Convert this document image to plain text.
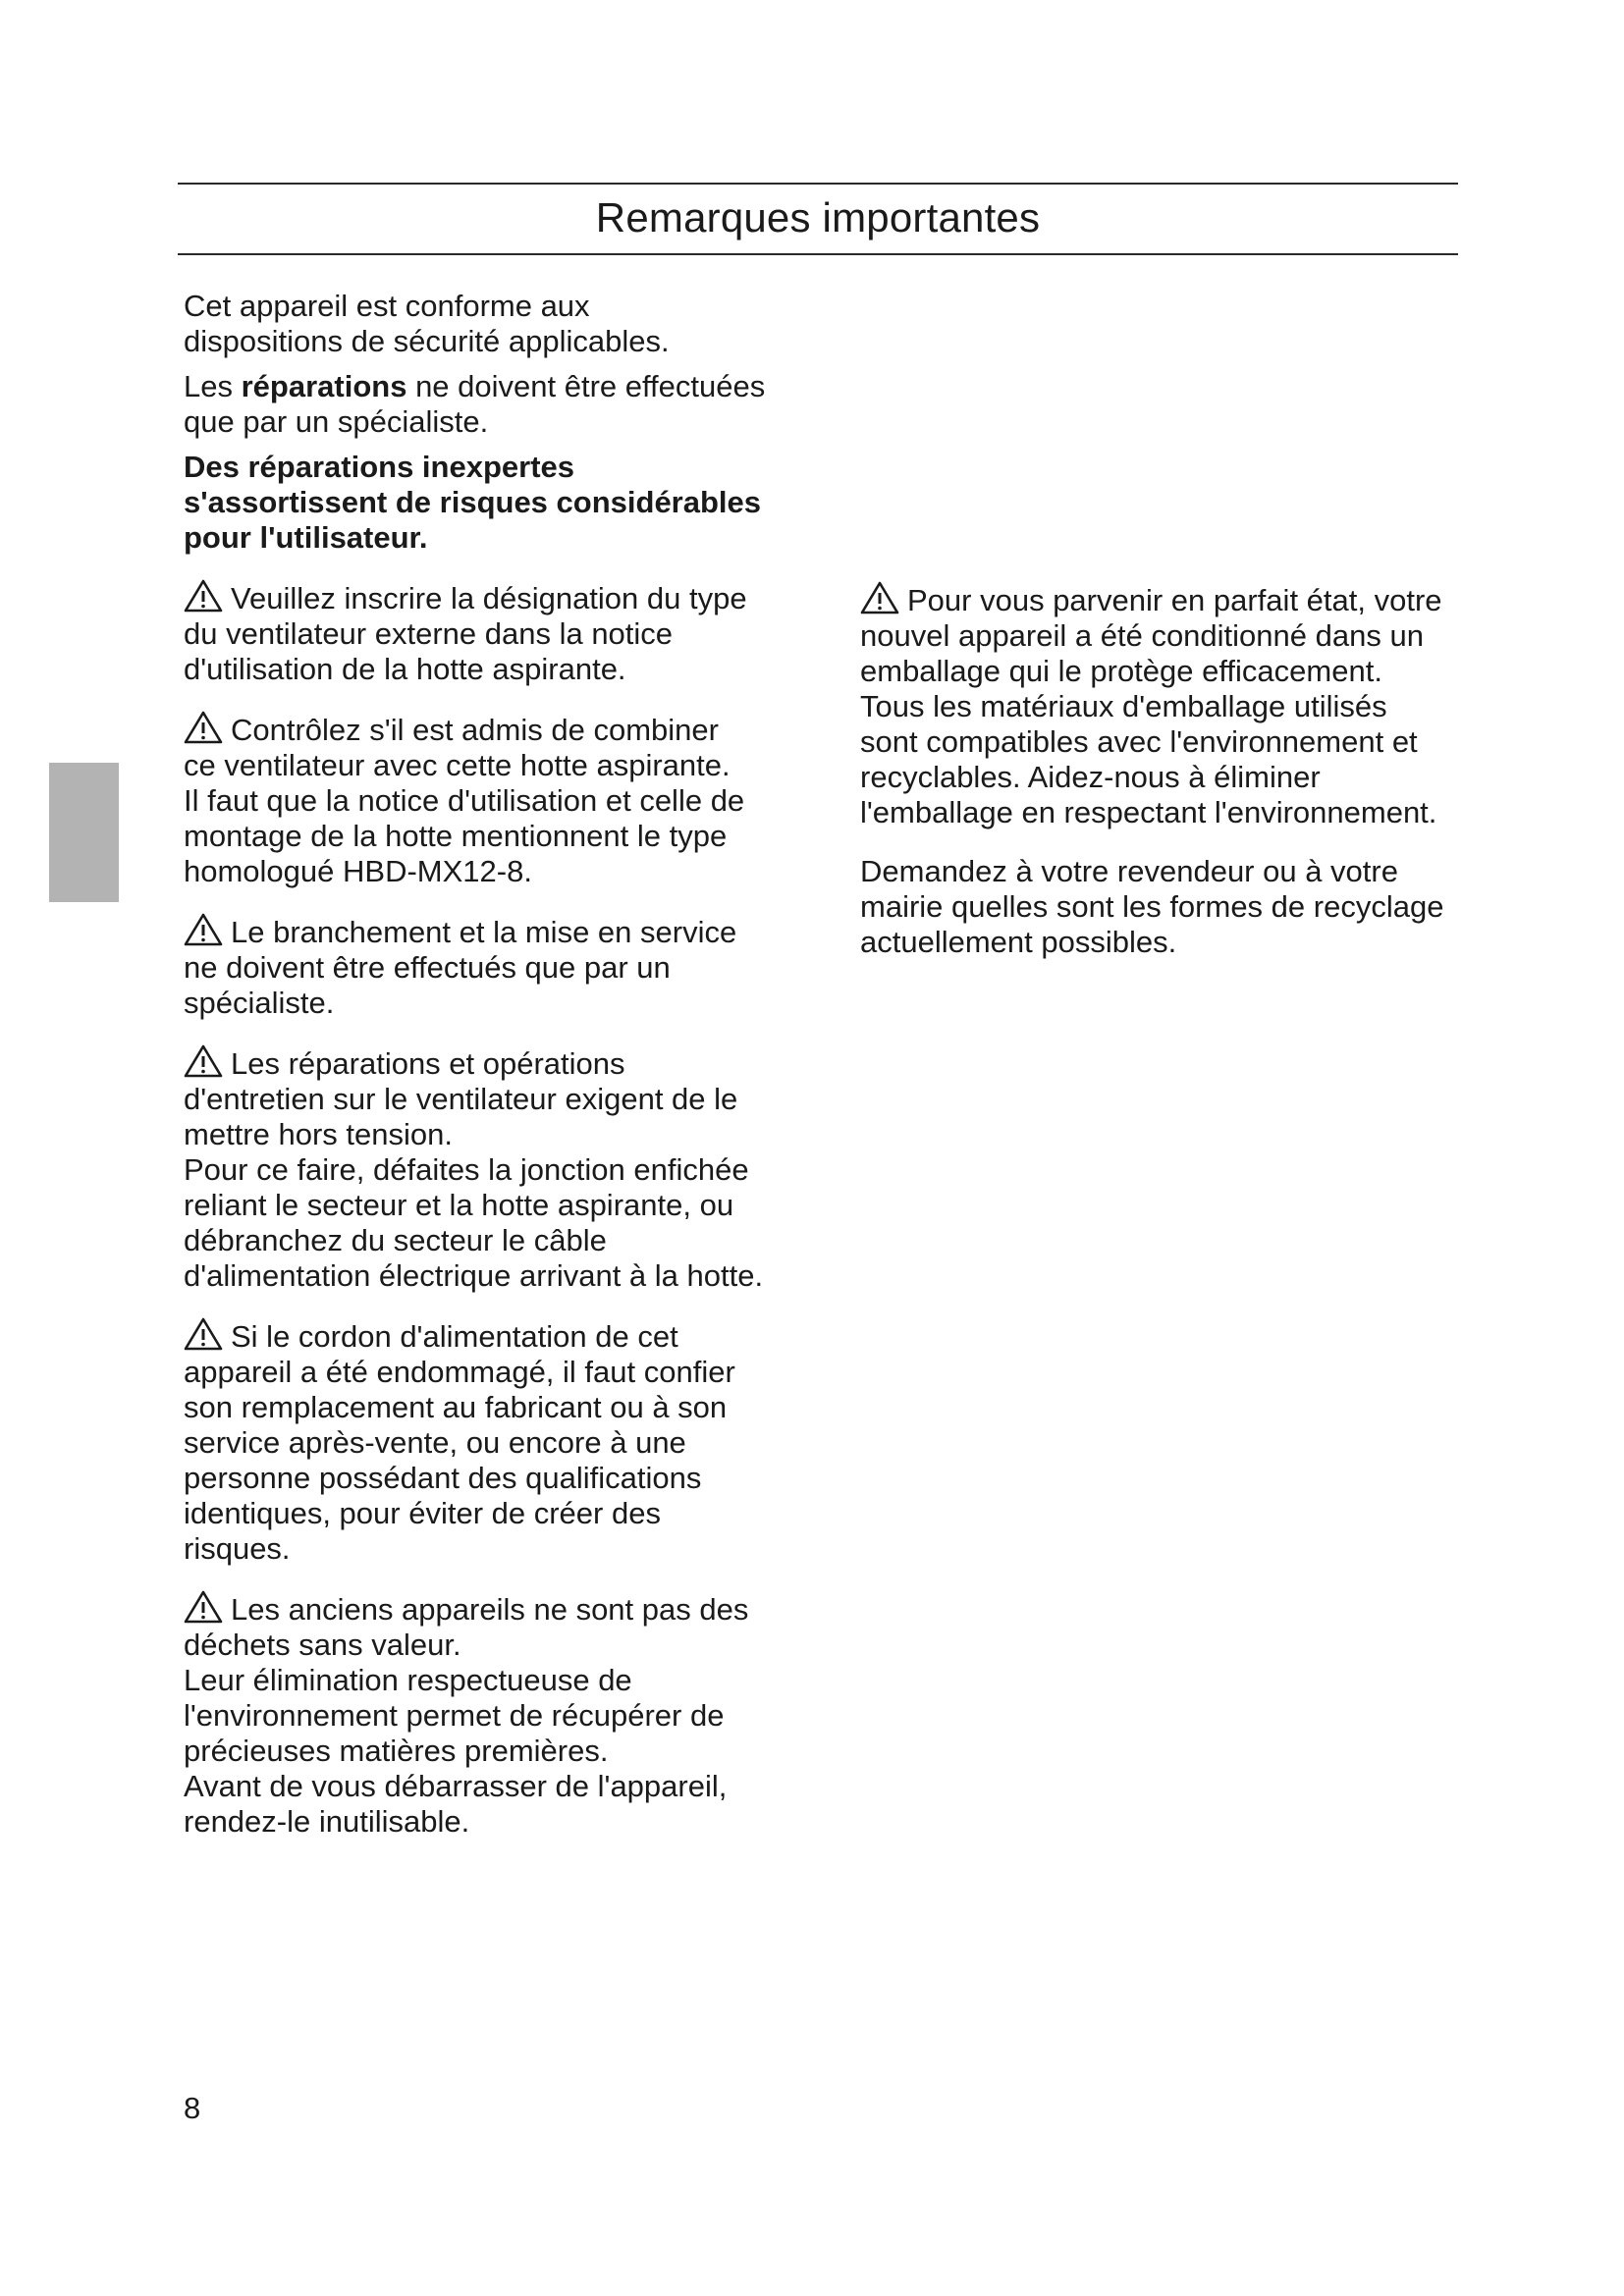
Remarques importantes

Cet appareil est conforme aux
dispositions de sécurité applicables.

Les réparations ne doivent être effectuées
que par un spécialiste.

Des réparations inexpertes
s'assortissent de risques considérables
pour l'utilisateur.

Veuillez inscrire la désignation du type
du ventilateur externe dans la notice
d'utilisation de la hotte aspirante.

Contrôlez s'il est admis de combiner
ce ventilateur avec cette hotte aspirante.
Il faut que la notice d'utilisation et celle de
montage de la hotte mentionnent le type
homologué HBD-MX12-8.

Le branchement et la mise en service
ne doivent être effectués que par un
spécialiste.

Les réparations et opérations
d'entretien sur le ventilateur exigent de le
mettre hors tension.
Pour ce faire, défaites la jonction enfichée
reliant le secteur et la hotte aspirante, ou
débranchez du secteur le câble
d'alimentation électrique arrivant à la hotte.

Si le cordon d'alimentation de cet
appareil a été endommagé, il faut confier
son remplacement au fabricant ou à son
service après-vente, ou encore à une
personne possédant des qualifications
identiques, pour éviter de créer des
risques.

Les anciens appareils ne sont pas des
déchets sans valeur.
Leur élimination respectueuse de
l'environnement permet de récupérer de
précieuses matières premières.
Avant de vous débarrasser de l'appareil,
rendez-le inutilisable.

Pour vous parvenir en parfait état, votre
nouvel appareil a été conditionné dans un
emballage qui le protège efficacement.
Tous les matériaux d'emballage utilisés
sont compatibles avec l'environnement et
recyclables. Aidez-nous à éliminer
l'emballage en respectant l'environnement.

Demandez à votre revendeur ou à votre
mairie quelles sont les formes de recyclage
actuellement possibles.

8
